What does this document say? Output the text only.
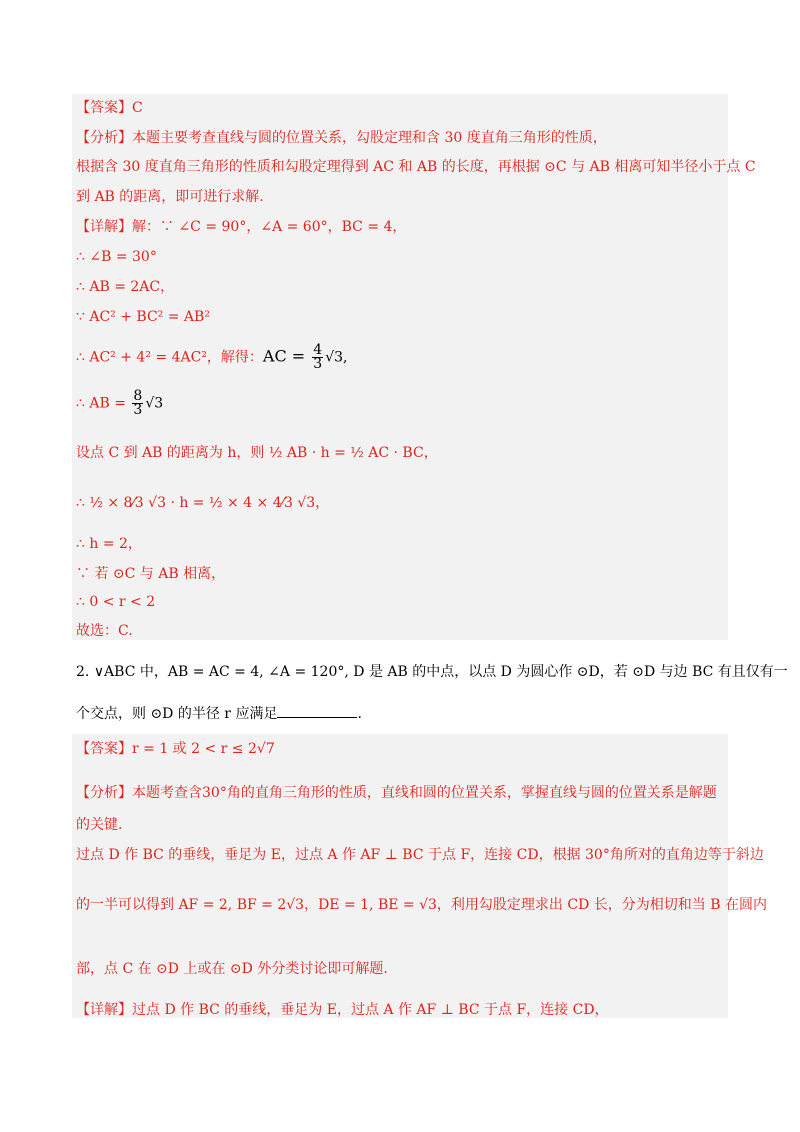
【答案】C
【分析】本题主要考查直线与圆的位置关系，勾股定理和含 30 度直角三角形的性质，
根据含 30 度直角三角形的性质和勾股定理得到 AC 和 AB 的长度，再根据 ⊙C 与 AB 相离可知半径小于点 C
到 AB 的距离，即可进行求解.
【详解】解：∵ ∠C = 90°，∠A = 60°，BC = 4，
∴ ∠B = 30°
∴ AB = 2AC，
∵ AC² + BC² = AB²
∴ AC² + 4² = 4AC²，解得：AC = $\frac{4}{3} √3$,
∴ AB = $\frac{8}{3} √3$
设点 C 到 AB 的距离为 h，则 ½ AB · h = ½ AC · BC，
∴ ½ × 8⁄3 √3 · h = ½ × 4 × 4⁄3 √3，
∴ h = 2，
∵ 若 ⊙C 与 AB 相离，
∴ 0 < r < 2
故选：C.
2. ∨ABC 中，AB = AC = 4, ∠A = 120°, D 是 AB 的中点，以点 D 为圆心作 ⊙D，若 ⊙D 与边 BC 有且仅有一
个交点，则 ⊙D 的半径 r 应满足	.
【答案】r = 1 或 2 < r ≤ 2√7
【分析】本题考查含30°角的直角三角形的性质，直线和圆的位置关系，掌握直线与圆的位置关系是解题
的关键.
过点 D 作 BC 的垂线，垂足为 E，过点 A 作 AF ⊥ BC 于点 F，连接 CD，根据 30°角所对的直角边等于斜边
的一半可以得到 AF = 2, BF = 2√3，DE = 1, BE = √3，利用勾股定理求出 CD 长，分为相切和当 B 在圆内
部，点 C 在 ⊙D 上或在 ⊙D 外分类讨论即可解题.
【详解】过点 D 作 BC 的垂线，垂足为 E，过点 A 作 AF ⊥ BC 于点 F，连接 CD，
